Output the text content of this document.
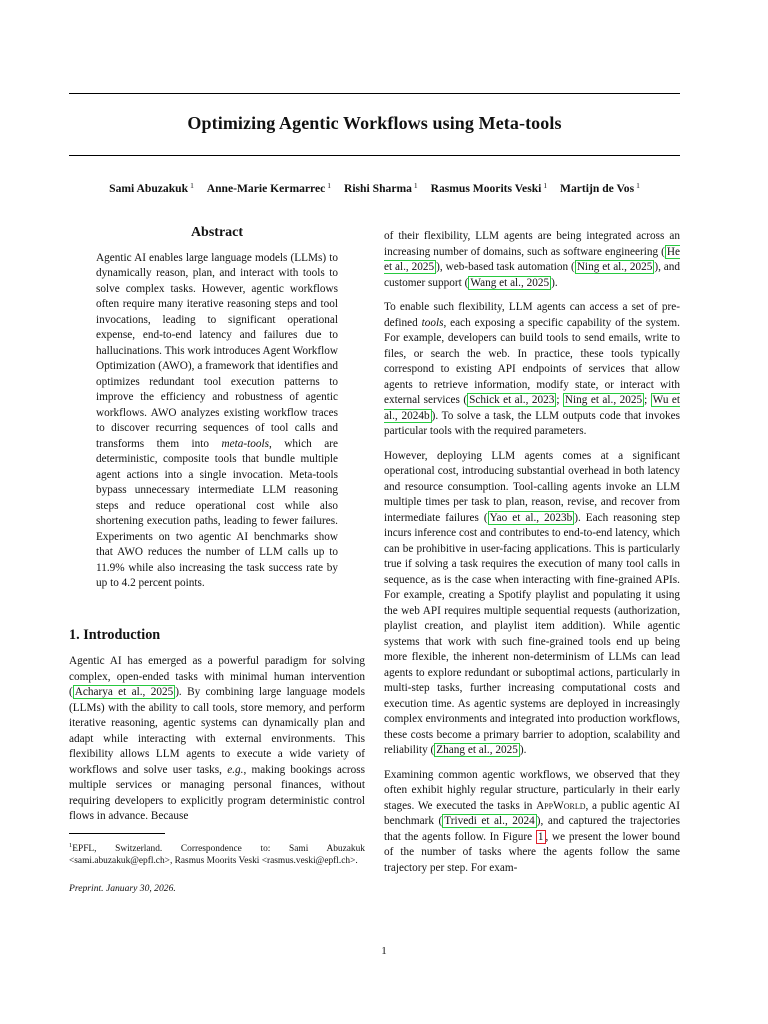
Optimizing Agentic Workflows using Meta-tools
Sami Abuzakuk $^1$ Anne-Marie Kermarrec $^1$ Rishi Sharma $^1$ Rasmus Moorits Veski $^1$ Martijn de Vos $^1$
Abstract

Agentic AI enables large language models (LLMs) to dynamically reason, plan, and interact with tools to solve complex tasks. However, agentic workflows often require many iterative reasoning steps and tool invocations, leading to significant operational expense, end-to-end latency and failures due to hallucinations. This work introduces Agent Workflow Optimization (AWO), a framework that identifies and optimizes redundant tool execution patterns to improve the efficiency and robustness of agentic workflows. AWO analyzes existing workflow traces to discover recurring sequences of tool calls and transforms them into meta-tools, which are deterministic, composite tools that bundle multiple agent actions into a single invocation. Meta-tools bypass unnecessary intermediate LLM reasoning steps and reduce operational cost while also shortening execution paths, leading to fewer failures. Experiments on two agentic AI benchmarks show that AWO reduces the number of LLM calls up to 11.9% while also increasing the task success rate by up to 4.2 percent points.

1. Introduction

Agentic AI has emerged as a powerful paradigm for solving complex, open-ended tasks with minimal human intervention ( Acharya et al., 2025 ). By combining large language models (LLMs) with the ability to call tools, store memory, and perform iterative reasoning, agentic systems can dynamically plan and adapt while interacting with external environments. This flexibility allows LLM agents to execute a wide variety of workflows and solve user tasks, e.g., making bookings across multiple services or managing personal finances, without requiring developers to explicitly program deterministic control flows in advance. Because

$^1$EPFL, Switzerland. Correspondence to: Sami Abuzakuk <sami.abuzakuk@epfl.ch>, Rasmus Moorits Veski <rasmus.veski@epfl.ch>.
Preprint. January 30, 2026.

of their flexibility, LLM agents are being integrated across an increasing number of domains, such as software engineering ( He et al., 2025 ), web-based task automation ( Ning et al., 2025 ), and customer support ( Wang et al., 2025 ).

To enable such flexibility, LLM agents can access a set of pre-defined tools, each exposing a specific capability of the system. For example, developers can build tools to send emails, write to files, or search the web. In practice, these tools typically correspond to existing API endpoints of services that allow agents to retrieve information, modify state, or interact with external services ( Schick et al., 2023 ; Ning et al., 2025 ; Wu et al., 2024b ). To solve a task, the LLM outputs code that invokes particular tools with the required parameters.

However, deploying LLM agents comes at a significant operational cost, introducing substantial overhead in both latency and resource consumption. Tool-calling agents invoke an LLM multiple times per task to plan, reason, revise, and recover from intermediate failures ( Yao et al., 2023b ). Each reasoning step incurs inference cost and contributes to end-to-end latency, which can be prohibitive in user-facing applications. This is particularly true if solving a task requires the execution of many tool calls in sequence, as is the case when interacting with fine-grained APIs. For example, creating a Spotify playlist and populating it using the web API requires multiple sequential requests (authorization, playlist creation, and playlist item addition). While agentic systems that work with such fine-grained tools end up being more flexible, the inherent non-determinism of LLMs can lead agents to explore redundant or suboptimal actions, particularly in multi-step tasks, further increasing computational costs and execution time. As agentic systems are deployed in increasingly complex environments and integrated into production workflows, these costs become a primary barrier to adoption, scalability and reliability ( Zhang et al., 2025 ).

Examining common agentic workflows, we observed that they often exhibit highly regular structure, particularly in their early stages. We executed the tasks in AppWorld, a public agentic AI benchmark ( Trivedi et al., 2024 ), and captured the trajectories that the agents follow. In Figure 1 , we present the lower bound of the number of tasks where the agents follow the same trajectory per step. For exam-

1
